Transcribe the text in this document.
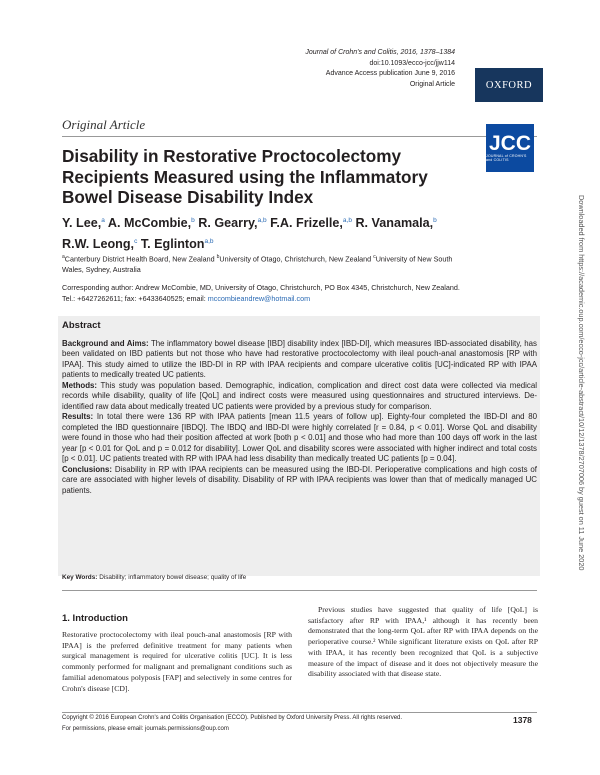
Journal of Crohn's and Colitis, 2016, 1378–1384
doi:10.1093/ecco-jcc/jjw114
Advance Access publication June 9, 2016
Original Article	OXFORD
Original Article
JCC
JOURNAL of CROHN'S and COLITIS
Disability in Restorative Proctocolectomy Recipients Measured using the Inflammatory Bowel Disease Disability Index
Y. Lee,$^a$ A. McCombie,$^b$ R. Gearry,$^{a,b}$ F.A. Frizelle,$^{a,b}$ R. Vanamala,$^b$
R.W. Leong,$^c$ T. Eglinton$^{a,b}$
$^a$Canterbury District Health Board, New Zealand $^b$University of Otago, Christchurch, New Zealand $^c$University of New South Wales, Sydney, Australia
Corresponding author: Andrew McCombie, MD, University of Otago, Christchurch, PO Box 4345, Christchurch, New Zealand. Tel.: +6427262611; fax: +6433640525; email: mccombieandrew@hotmail.com
Abstract

Background and Aims: The inflammatory bowel disease [IBD] disability index [IBD-DI], which measures IBD-associated disability, has been validated on IBD patients but not those who have had restorative proctocolectomy with ileal pouch-anal anastomosis [RP with IPAA]. This study aimed to utilize the IBD-DI in RP with IPAA recipients and compare ulcerative colitis [UC]-indicated RP with IPAA patients to medically treated UC patients.

Methods: This study was population based. Demographic, indication, complication and direct cost data were collected via medical records while disability, quality of life [QoL] and indirect costs were measured using questionnaires and structured interviews. De-identified raw data about medically treated UC patients were provided by a previous study for comparison.

Results: In total there were 136 RP with IPAA patients [mean 11.5 years of follow up]. Eighty-four completed the IBD-DI and 80 completed the IBD questionnaire [IBDQ]. The IBDQ and IBD-DI were highly correlated [r = 0.84, p < 0.01]. Worse QoL and disability were found in those who had their position affected at work [both p < 0.01] and those who had more than 100 days off work in the last year [p < 0.01 for QoL and p = 0.012 for disability]. Lower QoL and disability scores were associated with higher indirect and total costs [p < 0.01]. UC patients treated with RP with IPAA had less disability than medically treated UC patients [p = 0.04].

Conclusions: Disability in RP with IPAA recipients can be measured using the IBD-DI. Perioperative complications and high costs of care are associated with higher levels of disability. Disability of RP with IPAA recipients was lower than that of medically managed UC patients.

Key Words: Disability; inflammatory bowel disease; quality of life
1. Introduction

Restorative proctocolectomy with ileal pouch-anal anastomosis [RP with IPAA] is the preferred definitive treatment for many patients when surgical management is required for ulcerative colitis [UC]. It is less commonly performed for malignant and premalignant conditions such as familial adenomatous polyposis [FAP] and selectively in some centres for Crohn's disease [CD].

Previous studies have suggested that quality of life [QoL] is satisfactory after RP with IPAA,¹ although it has recently been demonstrated that the long-term QoL after RP with IPAA depends on the perioperative course.² While significant literature exists on QoL after RP with IPAA, it has recently been recognized that QoL is a subjective measure of the impact of disease and it does not objectively measure the disability associated with that disease state.

Copyright © 2016 European Crohn's and Colitis Organisation (ECCO). Published by Oxford University Press. All rights reserved.
For permissions, please email: journals.permissions@oup.com
1378
Downloaded from https://academic.oup.com/ecco-jcc/article-abstract/10/12/1378/2707006 by guest on 11 June 2020
